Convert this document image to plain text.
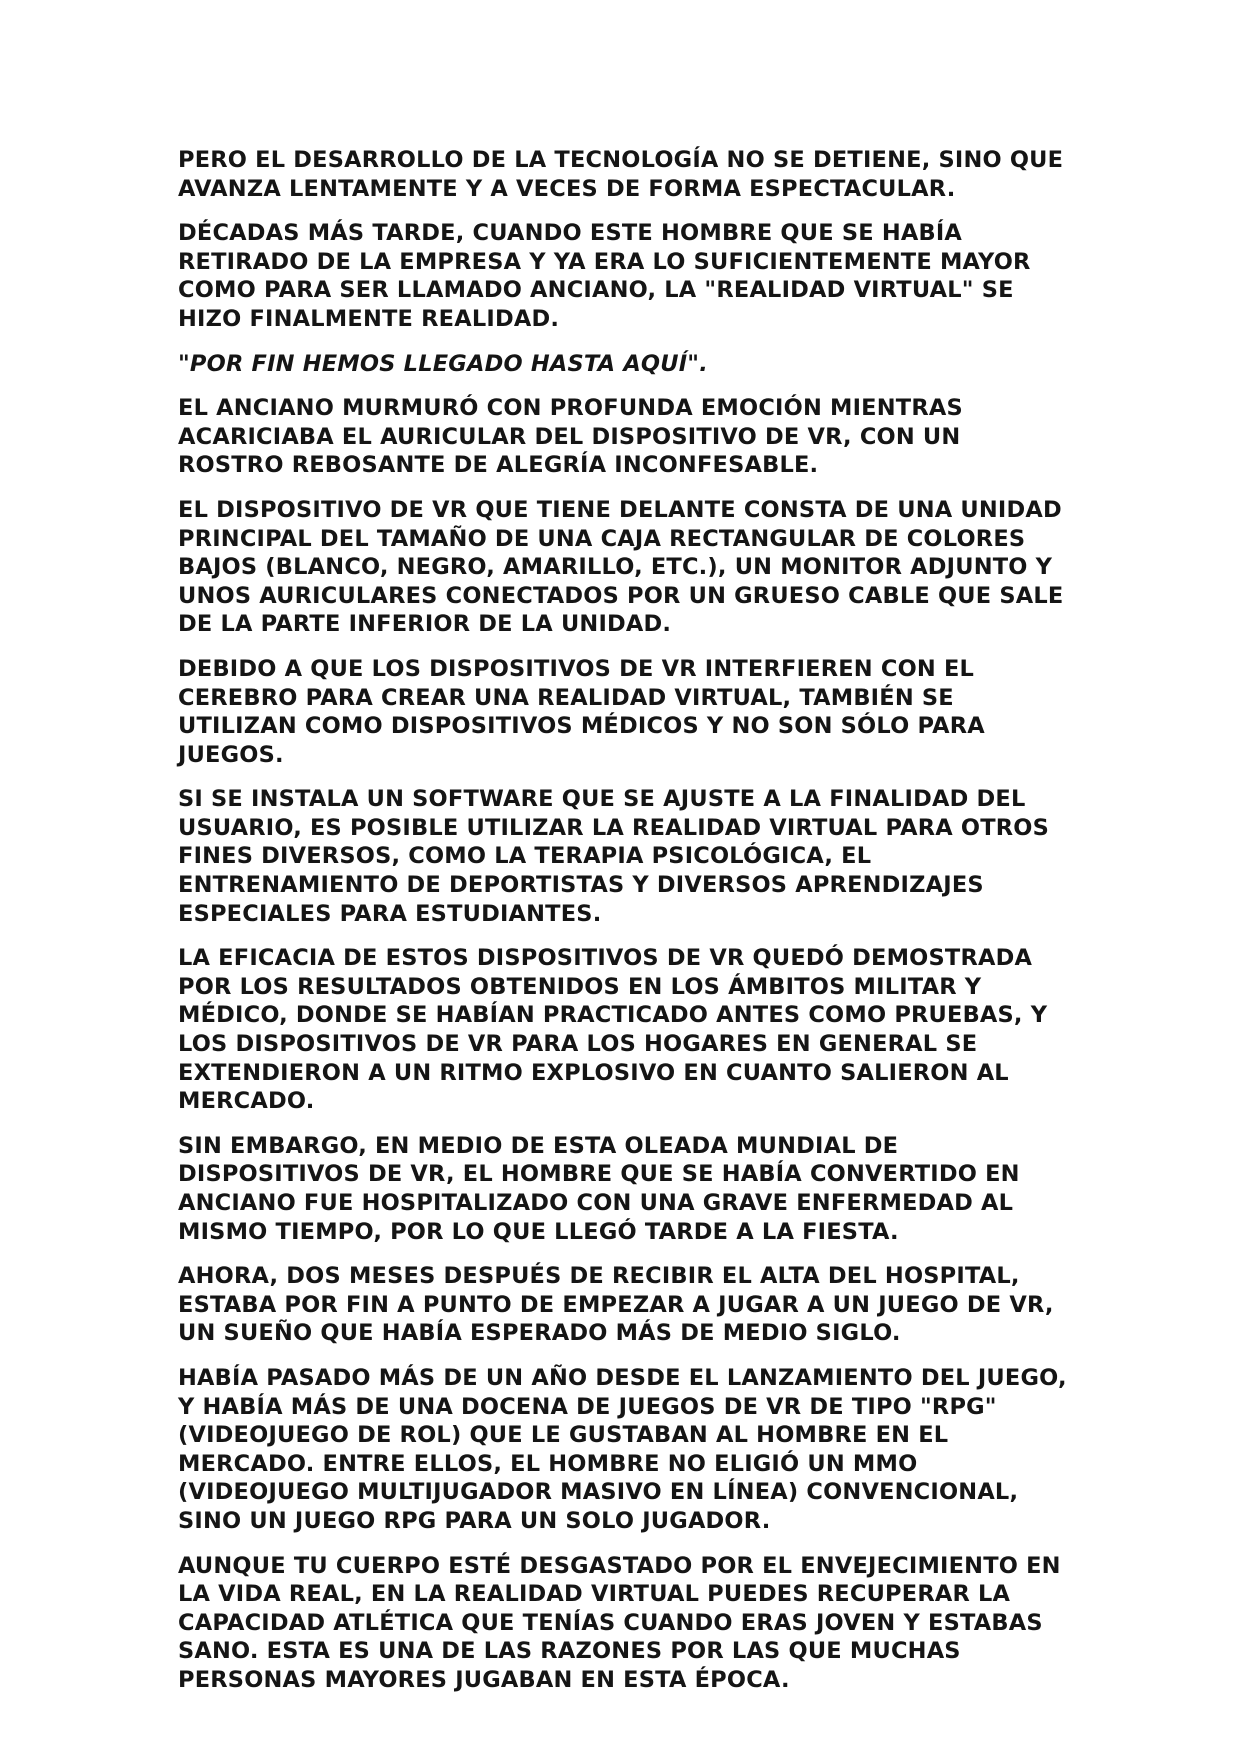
PERO EL DESARROLLO DE LA TECNOLOGÍA NO SE DETIENE, SINO QUE AVANZA LENTAMENTE Y A VECES DE FORMA ESPECTACULAR.

DÉCADAS MÁS TARDE, CUANDO ESTE HOMBRE QUE SE HABÍA RETIRADO DE LA EMPRESA Y YA ERA LO SUFICIENTEMENTE MAYOR COMO PARA SER LLAMADO ANCIANO, LA "REALIDAD VIRTUAL" SE HIZO FINALMENTE REALIDAD.

"POR FIN HEMOS LLEGADO HASTA AQUÍ".

EL ANCIANO MURMURÓ CON PROFUNDA EMOCIÓN MIENTRAS ACARICIABA EL AURICULAR DEL DISPOSITIVO DE VR, CON UN ROSTRO REBOSANTE DE ALEGRÍA INCONFESABLE.

EL DISPOSITIVO DE VR QUE TIENE DELANTE CONSTA DE UNA UNIDAD PRINCIPAL DEL TAMAÑO DE UNA CAJA RECTANGULAR DE COLORES BAJOS (BLANCO, NEGRO, AMARILLO, ETC.), UN MONITOR ADJUNTO Y UNOS AURICULARES CONECTADOS POR UN GRUESO CABLE QUE SALE DE LA PARTE INFERIOR DE LA UNIDAD.

DEBIDO A QUE LOS DISPOSITIVOS DE VR INTERFIEREN CON EL CEREBRO PARA CREAR UNA REALIDAD VIRTUAL, TAMBIÉN SE UTILIZAN COMO DISPOSITIVOS MÉDICOS Y NO SON SÓLO PARA JUEGOS.

SI SE INSTALA UN SOFTWARE QUE SE AJUSTE A LA FINALIDAD DEL USUARIO, ES POSIBLE UTILIZAR LA REALIDAD VIRTUAL PARA OTROS FINES DIVERSOS, COMO LA TERAPIA PSICOLÓGICA, EL ENTRENAMIENTO DE DEPORTISTAS Y DIVERSOS APRENDIZAJES ESPECIALES PARA ESTUDIANTES.

LA EFICACIA DE ESTOS DISPOSITIVOS DE VR QUEDÓ DEMOSTRADA POR LOS RESULTADOS OBTENIDOS EN LOS ÁMBITOS MILITAR Y MÉDICO, DONDE SE HABÍAN PRACTICADO ANTES COMO PRUEBAS, Y LOS DISPOSITIVOS DE VR PARA LOS HOGARES EN GENERAL SE EXTENDIERON A UN RITMO EXPLOSIVO EN CUANTO SALIERON AL MERCADO.

SIN EMBARGO, EN MEDIO DE ESTA OLEADA MUNDIAL DE DISPOSITIVOS DE VR, EL HOMBRE QUE SE HABÍA CONVERTIDO EN ANCIANO FUE HOSPITALIZADO CON UNA GRAVE ENFERMEDAD AL MISMO TIEMPO, POR LO QUE LLEGÓ TARDE A LA FIESTA.

AHORA, DOS MESES DESPUÉS DE RECIBIR EL ALTA DEL HOSPITAL, ESTABA POR FIN A PUNTO DE EMPEZAR A JUGAR A UN JUEGO DE VR, UN SUEÑO QUE HABÍA ESPERADO MÁS DE MEDIO SIGLO.

HABÍA PASADO MÁS DE UN AÑO DESDE EL LANZAMIENTO DEL JUEGO, Y HABÍA MÁS DE UNA DOCENA DE JUEGOS DE VR DE TIPO "RPG" (VIDEOJUEGO DE ROL) QUE LE GUSTABAN AL HOMBRE EN EL MERCADO. ENTRE ELLOS, EL HOMBRE NO ELIGIÓ UN MMO (VIDEOJUEGO MULTIJUGADOR MASIVO EN LÍNEA) CONVENCIONAL, SINO UN JUEGO RPG PARA UN SOLO JUGADOR.

AUNQUE TU CUERPO ESTÉ DESGASTADO POR EL ENVEJECIMIENTO EN LA VIDA REAL, EN LA REALIDAD VIRTUAL PUEDES RECUPERAR LA CAPACIDAD ATLÉTICA QUE TENÍAS CUANDO ERAS JOVEN Y ESTABAS SANO. ESTA ES UNA DE LAS RAZONES POR LAS QUE MUCHAS PERSONAS MAYORES JUGABAN EN ESTA ÉPOCA.
